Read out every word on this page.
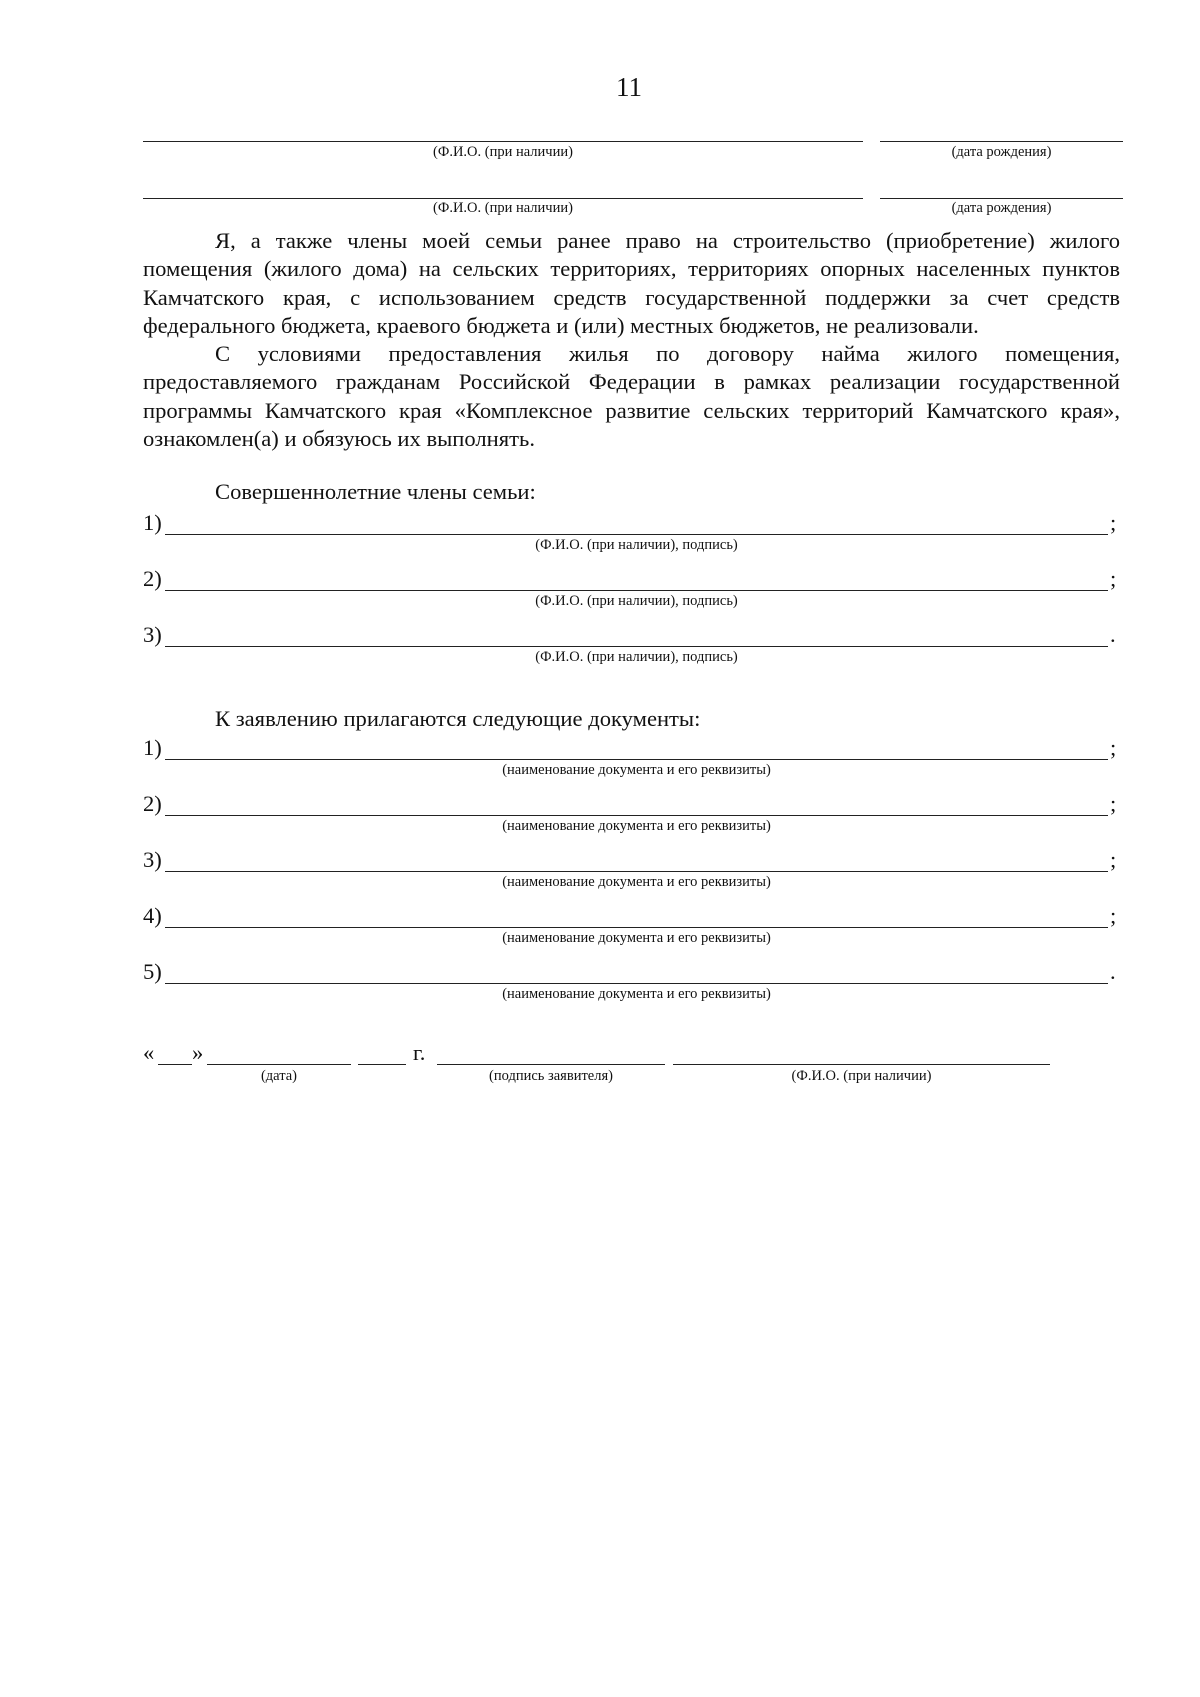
11
(Ф.И.О. (при наличии)	(дата рождения)
(Ф.И.О. (при наличии)	(дата рождения)

Я, а также члены моей семьи ранее право на строительство (приобретение) жилого помещения (жилого дома) на сельских территориях, территориях опорных населенных пунктов Камчатского края, с использованием средств государственной поддержки за счет средств федерального бюджета, краевого бюджета и (или) местных бюджетов, не реализовали.

С условиями предоставления жилья по договору найма жилого помещения, предоставляемого гражданам Российской Федерации в рамках реализации государственной программы Камчатского края «Комплексное развитие сельских территорий Камчатского края», ознакомлен(а) и обязуюсь их выполнять.

Совершеннолетние члены семьи:
1)	;
(Ф.И.О. (при наличии), подпись)
2)	;
(Ф.И.О. (при наличии), подпись)
3)	.
(Ф.И.О. (при наличии), подпись)
К заявлению прилагаются следующие документы:
1)	;
(наименование документа и его реквизиты)
2)	;
(наименование документа и его реквизиты)
3)	;
(наименование документа и его реквизиты)
4)	;
(наименование документа и его реквизиты)
5)	.
(наименование документа и его реквизиты)
« »	г.
(дата)	(подпись заявителя)	(Ф.И.О. (при наличии)
